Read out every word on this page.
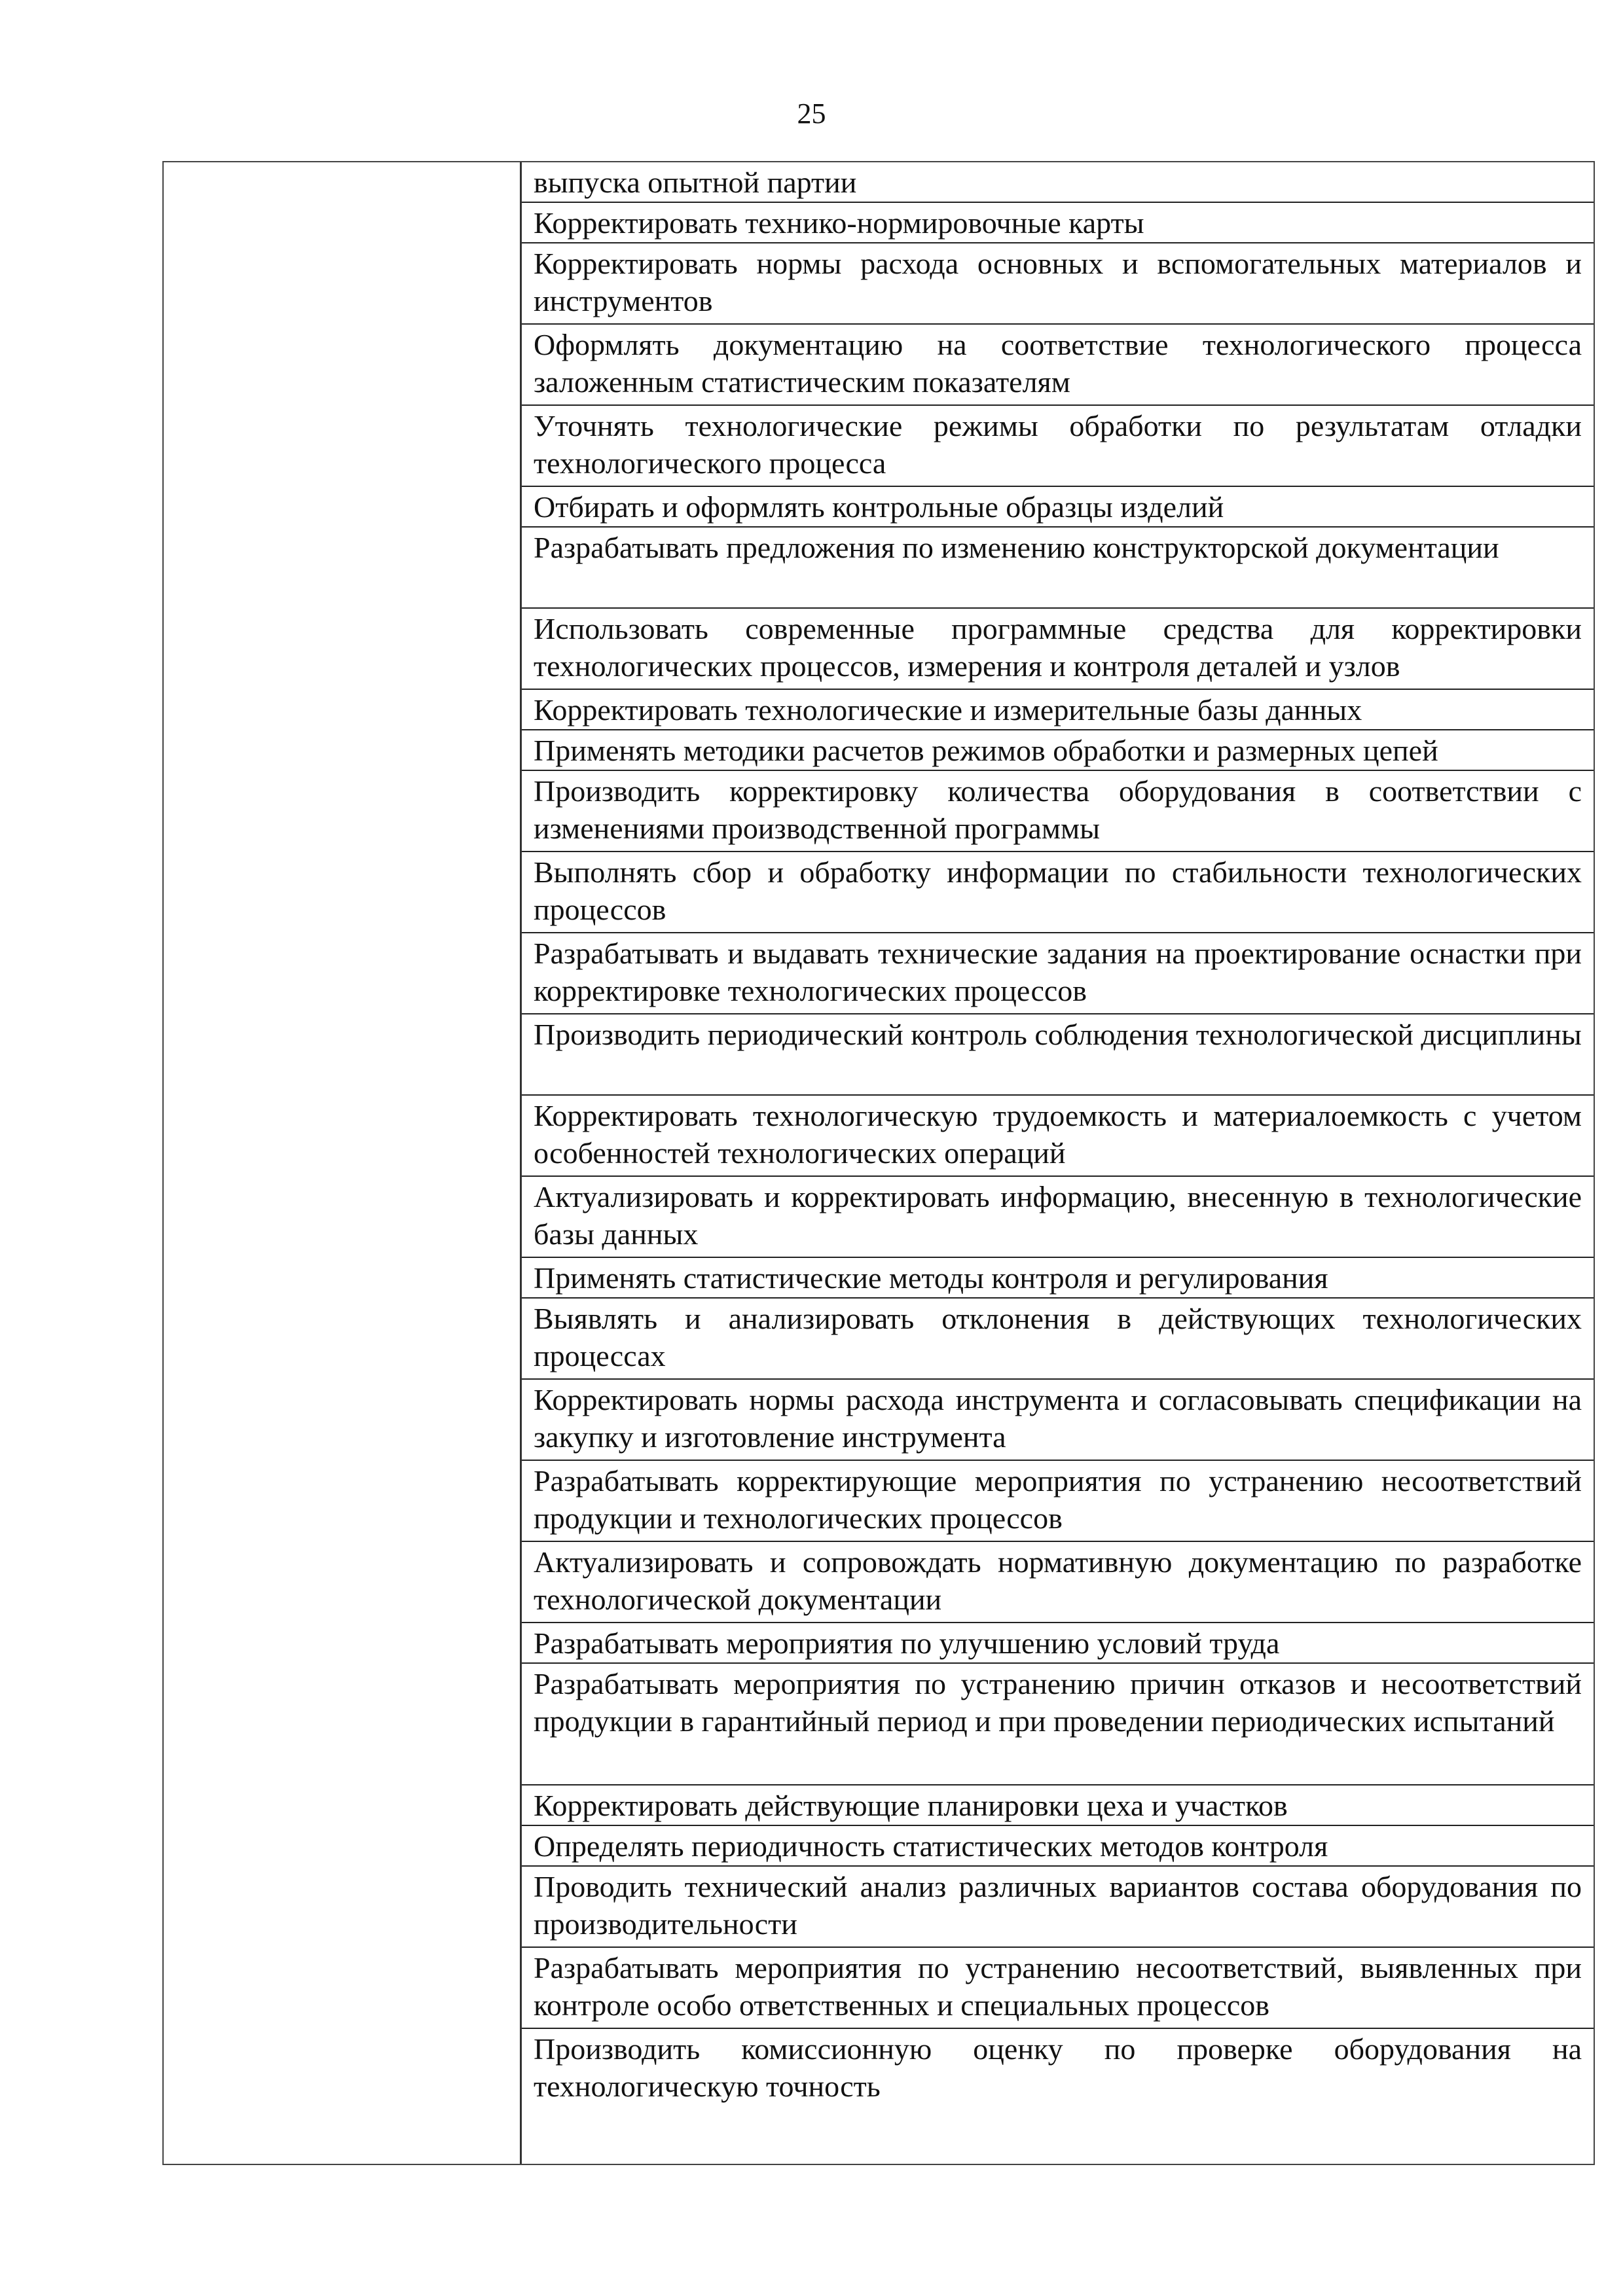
25
выпуска опытной партии
Корректировать технико-нормировочные карты
Корректировать нормы расхода основных и вспомогательных материалов и инструментов
Оформлять документацию на соответствие технологического процесса заложенным статистическим показателям
Уточнять технологические режимы обработки по результатам отладки технологического процесса
Отбирать и оформлять контрольные образцы изделий
Разрабатывать предложения по изменению конструкторской документации
Использовать современные программные средства для корректировки технологических процессов, измерения и контроля деталей и узлов
Корректировать технологические и измерительные базы данных
Применять методики расчетов режимов обработки и размерных цепей
Производить корректировку количества оборудования в соответствии с изменениями производственной программы
Выполнять сбор и обработку информации по стабильности технологических процессов
Разрабатывать и выдавать технические задания на проектирование оснастки при корректировке технологических процессов
Производить периодический контроль соблюдения технологической дисциплины
Корректировать технологическую трудоемкость и материалоемкость с учетом особенностей технологических операций
Актуализировать и корректировать информацию, внесенную в технологические базы данных
Применять статистические методы контроля и регулирования
Выявлять и анализировать отклонения в действующих технологических процессах
Корректировать нормы расхода инструмента и согласовывать спецификации на закупку и изготовление инструмента
Разрабатывать корректирующие мероприятия по устранению несоответствий продукции и технологических процессов
Актуализировать и сопровождать нормативную документацию по разработке технологической документации
Разрабатывать мероприятия по улучшению условий труда
Разрабатывать мероприятия по устранению причин отказов и несоответствий продукции в гарантийный период и при проведении периодических испытаний
Корректировать действующие планировки цеха и участков
Определять периодичность статистических методов контроля
Проводить технический анализ различных вариантов состава оборудования по производительности
Разрабатывать мероприятия по устранению несоответствий, выявленных при контроле особо ответственных и специальных процессов
Производить комиссионную оценку по проверке оборудования на технологическую точность
